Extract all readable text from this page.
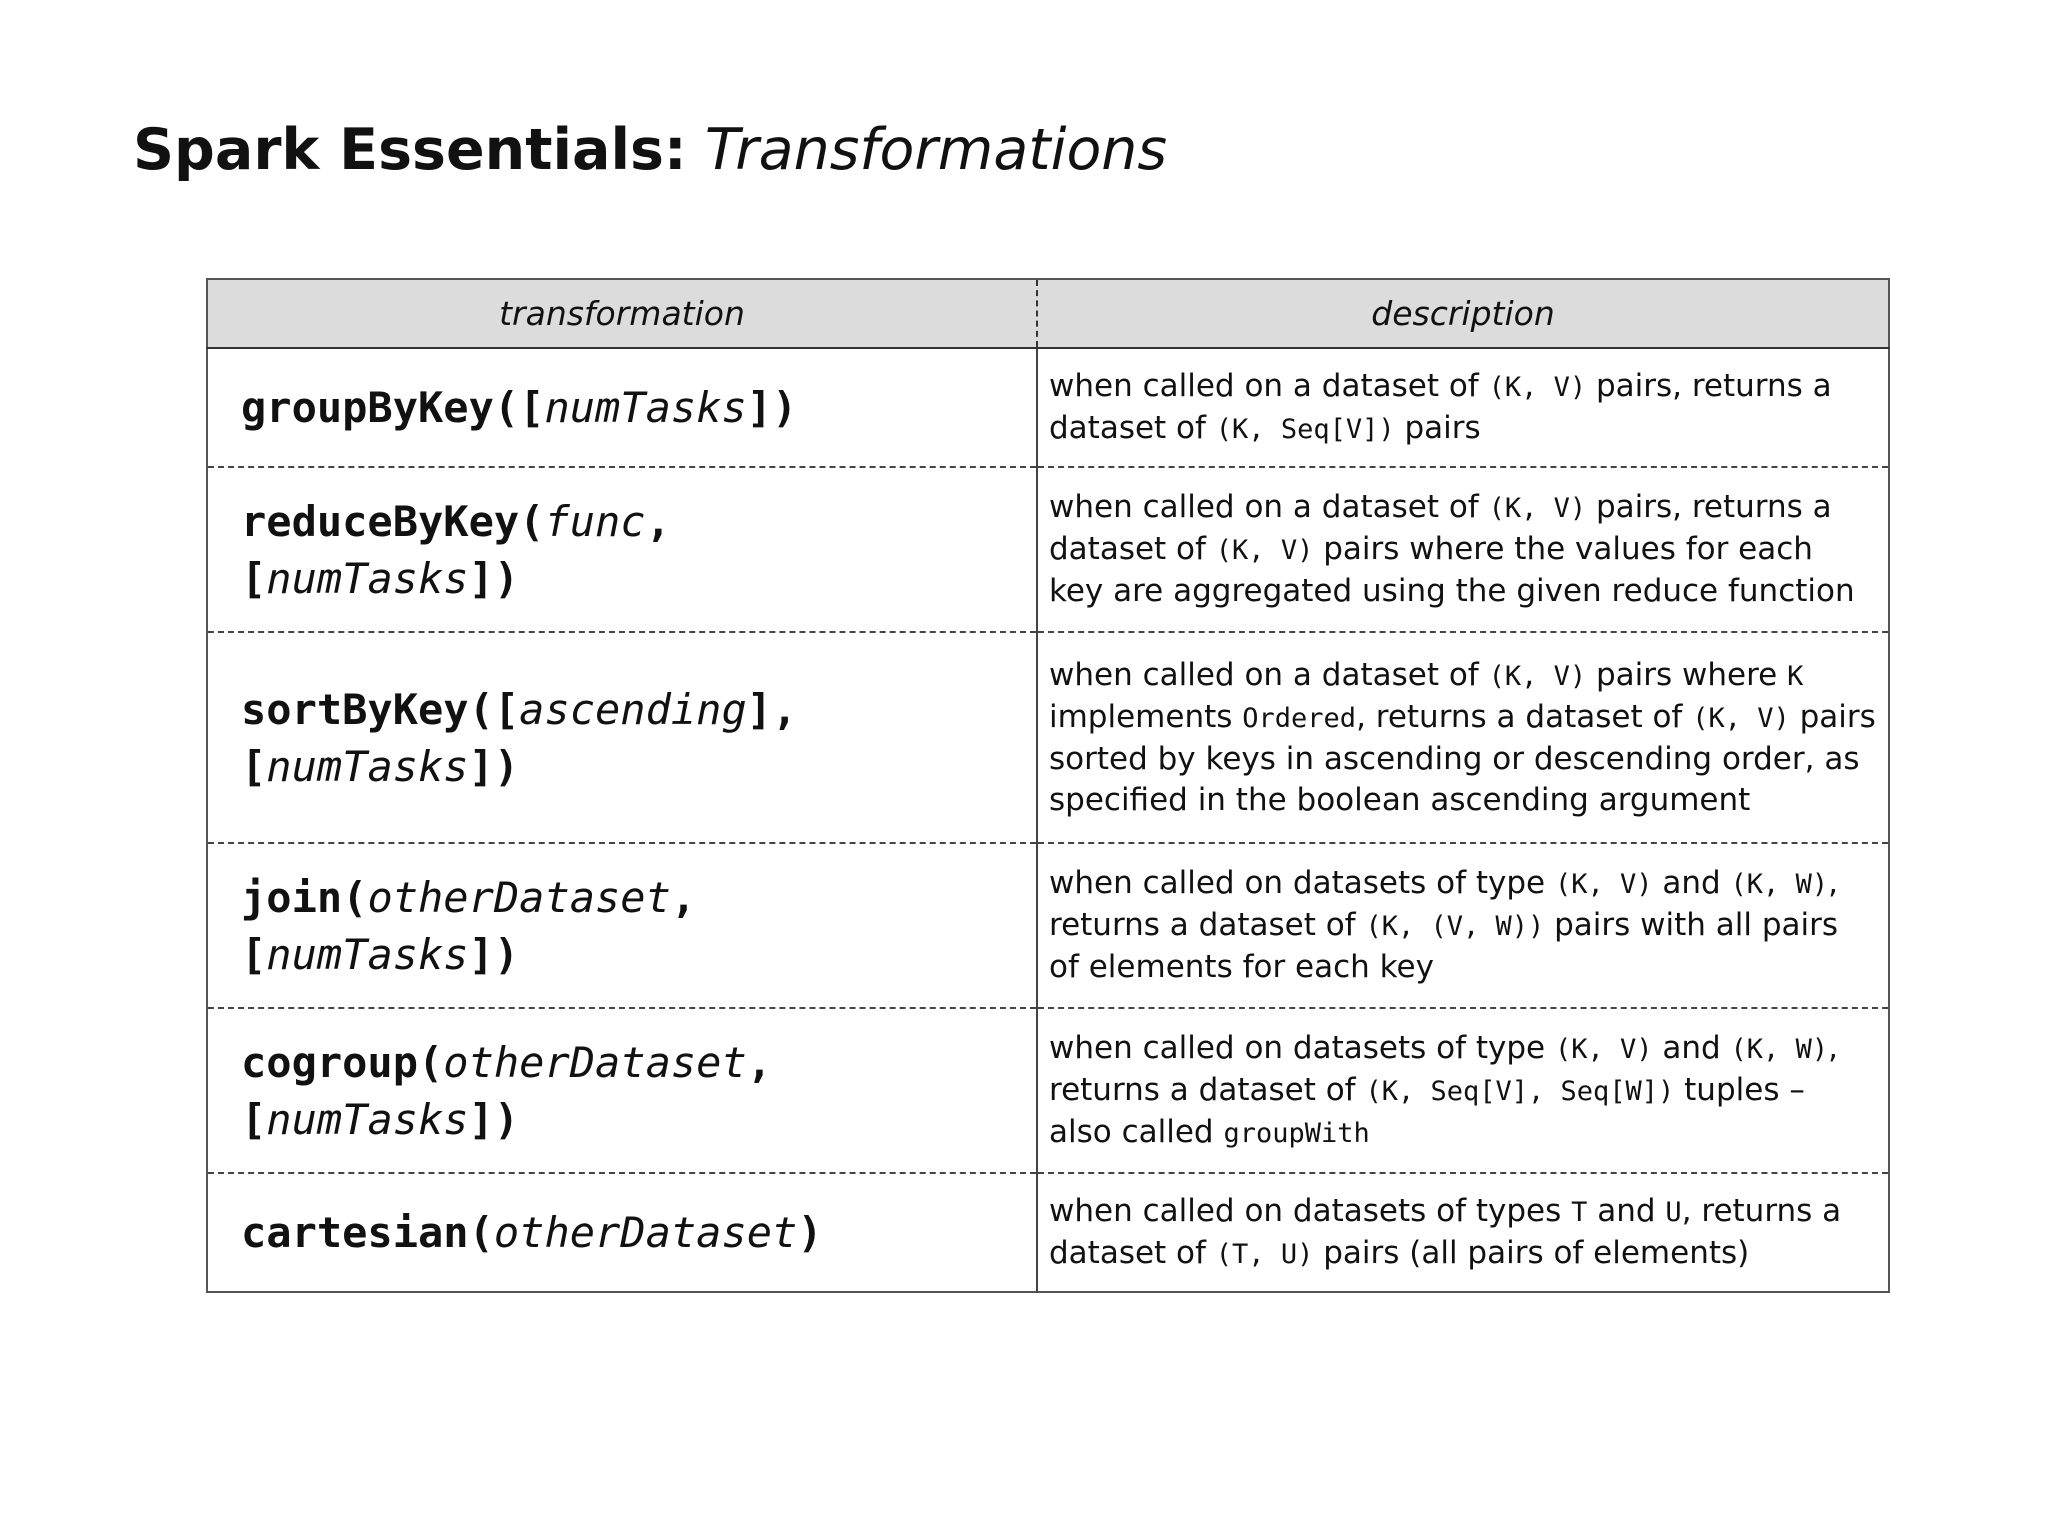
Spark Essentials: Transformations
transformation	description
groupByKey([numTasks])	when called on a dataset of (K, V) pairs, returns a dataset of (K, Seq[V]) pairs
reduceByKey(func,
[numTasks])	when called on a dataset of (K, V) pairs, returns a dataset of (K, V) pairs where the values for each key are aggregated using the given reduce function
sortByKey([ascending],
[numTasks])	when called on a dataset of (K, V) pairs where K implements Ordered, returns a dataset of (K, V) pairs sorted by keys in ascending or descending order, as specified in the boolean ascending argument
join(otherDataset,
[numTasks])	when called on datasets of type (K, V) and (K, W), returns a dataset of (K, (V, W)) pairs with all pairs of elements for each key
cogroup(otherDataset,
[numTasks])	when called on datasets of type (K, V) and (K, W), returns a dataset of (K, Seq[V], Seq[W]) tuples – also called groupWith
cartesian(otherDataset)	when called on datasets of types T and U, returns a dataset of (T, U) pairs (all pairs of elements)
